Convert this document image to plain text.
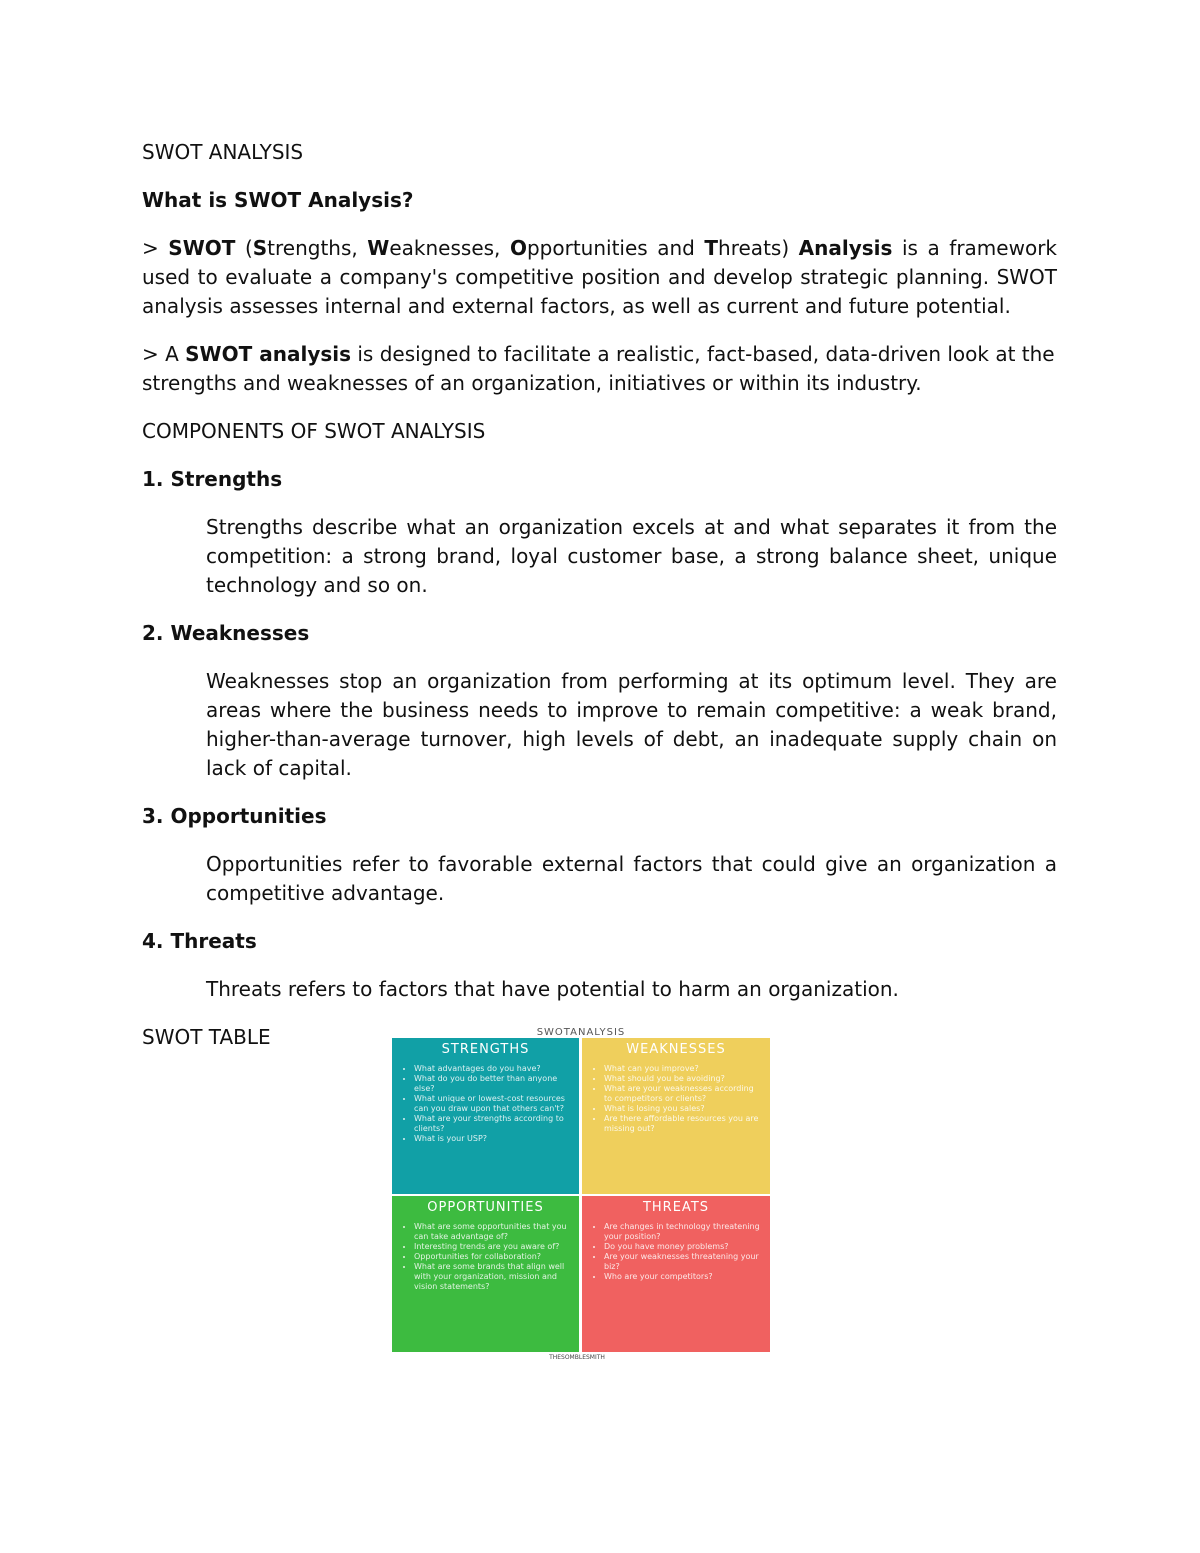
SWOT ANALYSIS

What is SWOT Analysis?

> SWOT (Strengths, Weaknesses, Opportunities and Threats) Analysis is a framework used to evaluate a company's competitive position and develop strategic planning. SWOT analysis assesses internal and external factors, as well as current and future potential.

> A SWOT analysis is designed to facilitate a realistic, fact-based, data-driven look at the strengths and weaknesses of an organization, initiatives or within its industry.

COMPONENTS OF SWOT ANALYSIS

1. Strengths

Strengths describe what an organization excels at and what separates it from the competition: a strong brand, loyal customer base, a strong balance sheet, unique technology and so on.

2. Weaknesses

Weaknesses stop an organization from performing at its optimum level. They are areas where the business needs to improve to remain competitive: a weak brand, higher-than-average turnover, high levels of debt, an inadequate supply chain on lack of capital.

3. Opportunities

Opportunities refer to favorable external factors that could give an organization a competitive advantage.

4. Threats

Threats refers to factors that have potential to harm an organization.

SWOT TABLE	SWOTANALYSIS
STRENGTHS
• What advantages do you have?
• What do you do better than anyone else?
• What unique or lowest-cost resources can you draw upon that others can't?
• What are your strengths according to clients?
• What is your USP?
WEAKNESSES
• What can you improve?
• What should you be avoiding?
• What are your weaknesses according to competitors or clients?
• What is losing you sales?
• Are there affordable resources you are missing out?
OPPORTUNITIES
• What are some opportunities that you can take advantage of?
• Interesting trends are you aware of?
• Opportunities for collaboration?
• What are some brands that align well with your organization, mission and vision statements?
THREATS
• Are changes in technology threatening your position?
• Do you have money problems?
• Are your weaknesses threatening your biz?
• Who are your competitors?
THESOMBLESMITH
